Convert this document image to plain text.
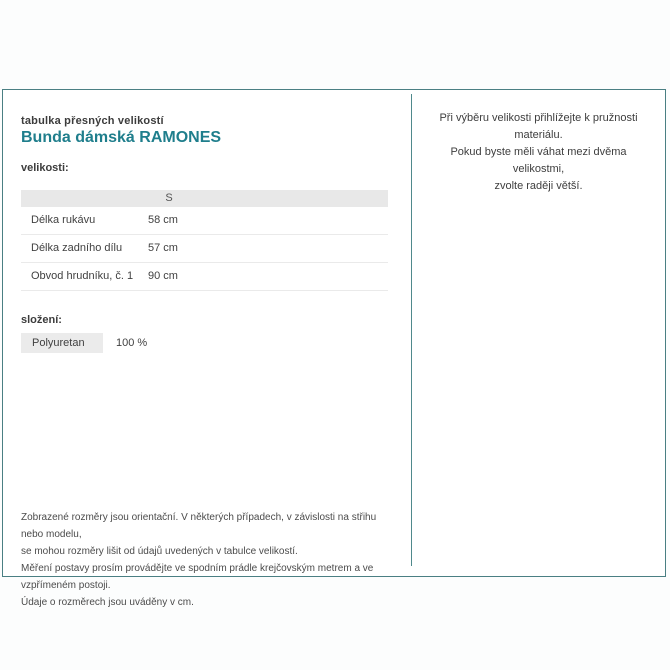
tabulka přesných velikostí
Bunda dámská RAMONES
velikosti:
S
Délka rukávu	58 cm
Délka zadního dílu 57 cm
Obvod hrudníku, č. 1 90 cm
složení:
Polyuretan	100 %
Zobrazené rozměry jsou orientační. V některých případech, v závislosti na střihu nebo modelu,
se mohou rozměry lišit od údajů uvedených v tabulce velikostí.
Měření postavy prosím provádějte ve spodním prádle krejčovským metrem a ve vzpřímeném postoji.
Údaje o rozměrech jsou uváděny v cm.
Při výběru velikosti přihlížejte k pružnosti materiálu.
Pokud byste měli váhat mezi dvěma velikostmi,
zvolte raději větší.
